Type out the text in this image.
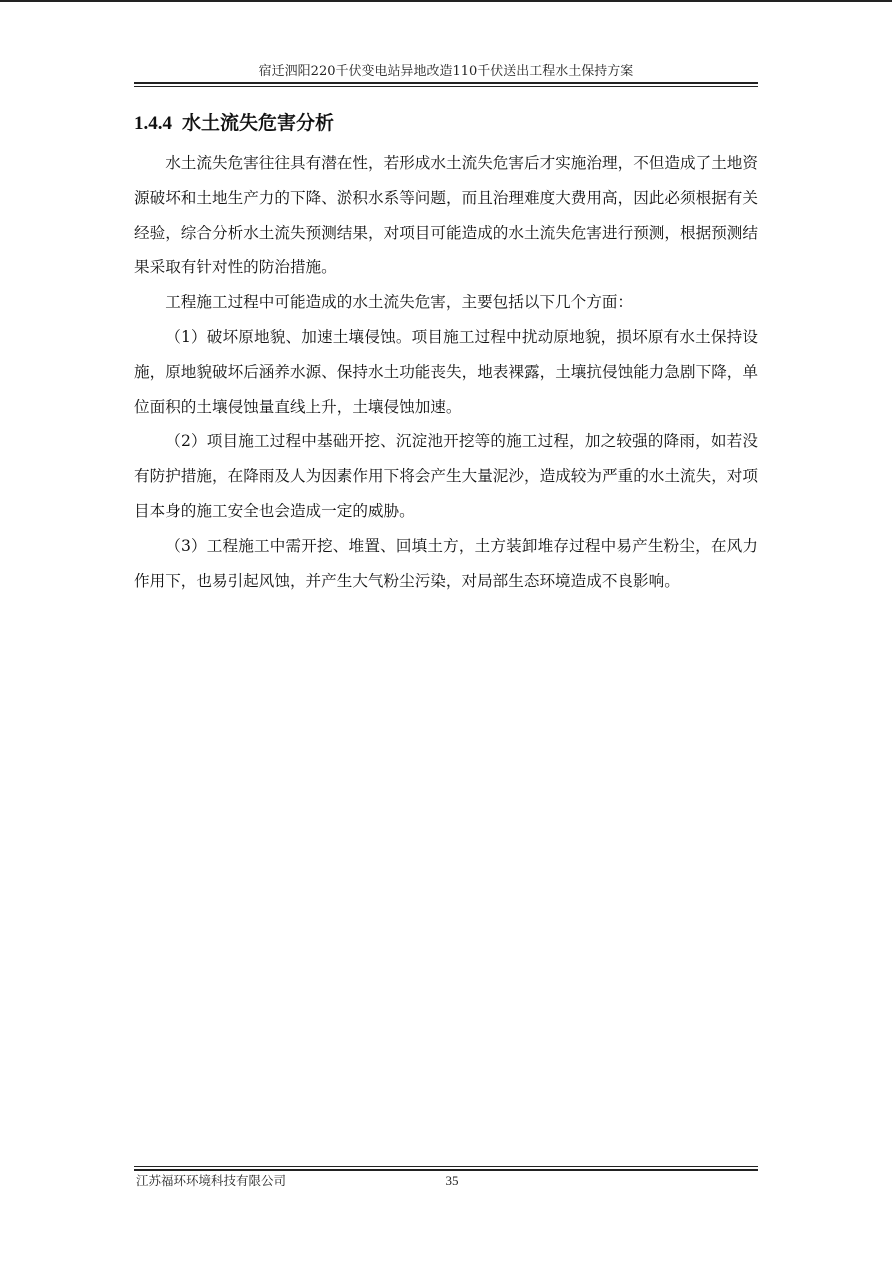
宿迁泗阳220千伏变电站异地改造110千伏送出工程水土保持方案
1.4.4 水土流失危害分析

水土流失危害往往具有潜在性，若形成水土流失危害后才实施治理，不但造成了土地资源破坏和土地生产力的下降、淤积水系等问题，而且治理难度大费用高，因此必须根据有关经验，综合分析水土流失预测结果，对项目可能造成的水土流失危害进行预测，根据预测结果采取有针对性的防治措施。

工程施工过程中可能造成的水土流失危害，主要包括以下几个方面：

（1）破坏原地貌、加速土壤侵蚀。项目施工过程中扰动原地貌，损坏原有水土保持设施，原地貌破坏后涵养水源、保持水土功能丧失，地表裸露，土壤抗侵蚀能力急剧下降，单位面积的土壤侵蚀量直线上升，土壤侵蚀加速。

（2）项目施工过程中基础开挖、沉淀池开挖等的施工过程，加之较强的降雨，如若没有防护措施，在降雨及人为因素作用下将会产生大量泥沙，造成较为严重的水土流失，对项目本身的施工安全也会造成一定的威胁。

（3）工程施工中需开挖、堆置、回填土方，土方装卸堆存过程中易产生粉尘，在风力作用下，也易引起风蚀，并产生大气粉尘污染，对局部生态环境造成不良影响。

江苏福环环境科技有限公司	35
